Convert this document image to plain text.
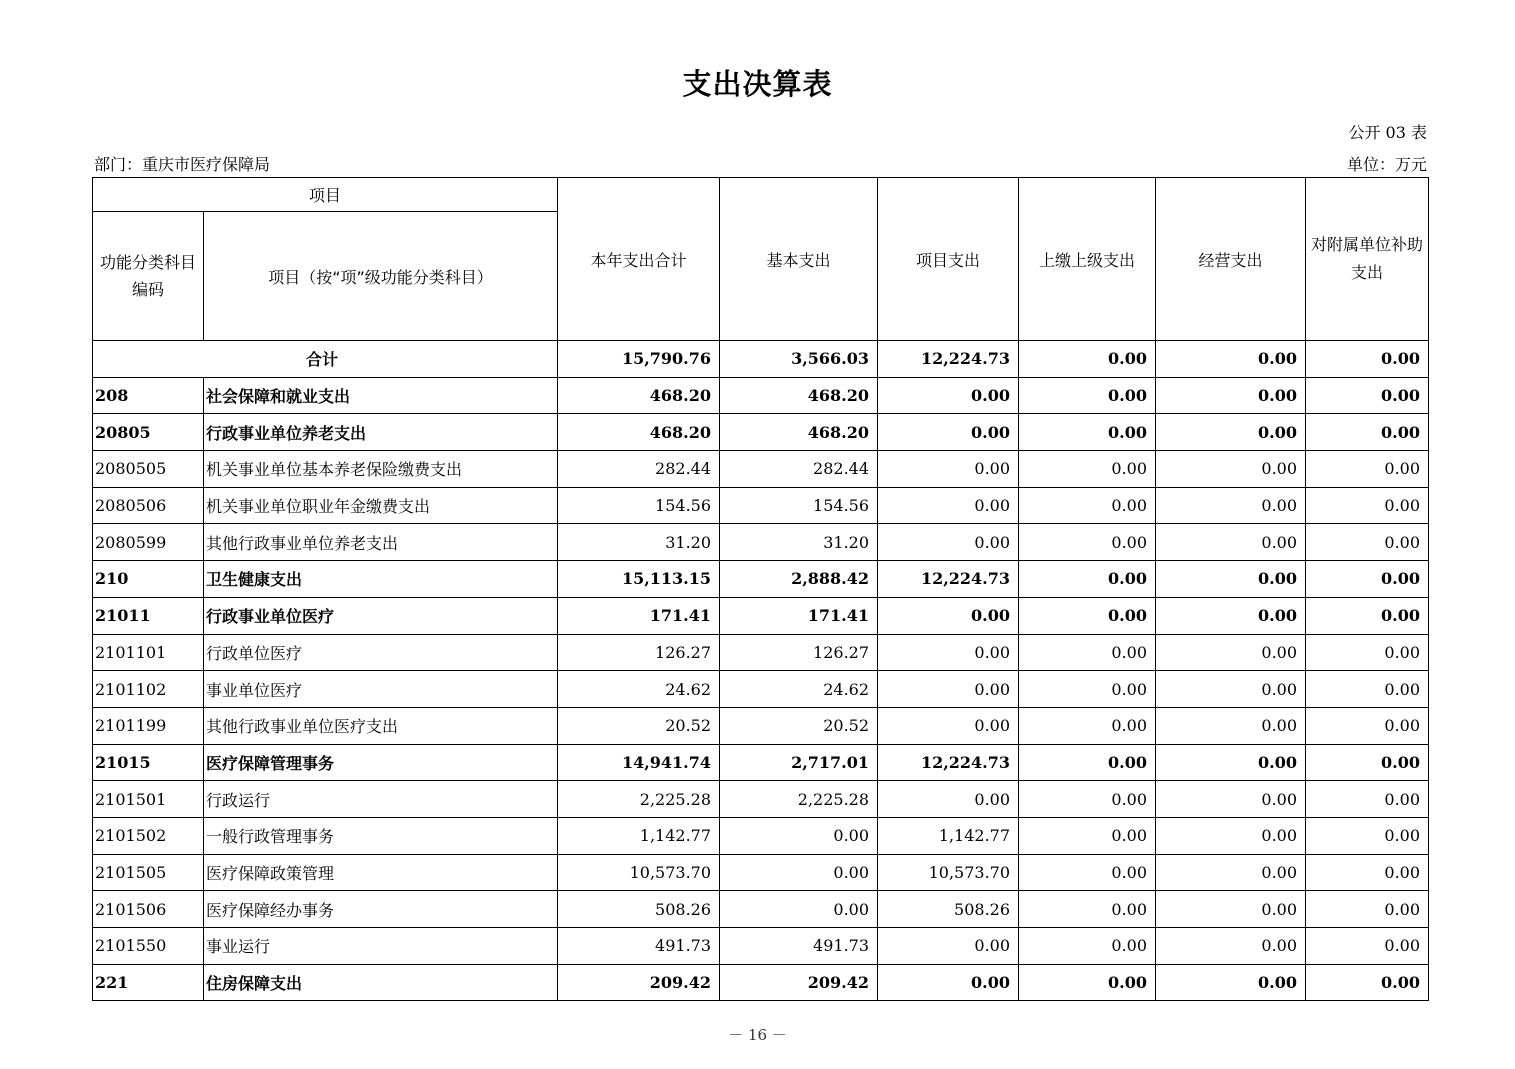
支出决算表
公开 03 表
部门：重庆市医疗保障局	单位：万元
项目		本年支出合计	基本支出	项目支出	上缴上级支出	经营支出	对附属单位补助支出
功能分类科目编码	项目（按“项”级功能分类科目）						
合计		15,790.76	3,566.03	12,224.73	0.00	0.00	0.00
208	社会保障和就业支出	468.20	468.20	0.00	0.00	0.00	0.00
20805	行政事业单位养老支出	468.20	468.20	0.00	0.00	0.00	0.00
2080505	机关事业单位基本养老保险缴费支出	282.44	282.44	0.00	0.00	0.00	0.00
2080506	机关事业单位职业年金缴费支出	154.56	154.56	0.00	0.00	0.00	0.00
2080599	其他行政事业单位养老支出	31.20	31.20	0.00	0.00	0.00	0.00
210	卫生健康支出	15,113.15	2,888.42	12,224.73	0.00	0.00	0.00
21011	行政事业单位医疗	171.41	171.41	0.00	0.00	0.00	0.00
2101101	行政单位医疗	126.27	126.27	0.00	0.00	0.00	0.00
2101102	事业单位医疗	24.62	24.62	0.00	0.00	0.00	0.00
2101199	其他行政事业单位医疗支出	20.52	20.52	0.00	0.00	0.00	0.00
21015	医疗保障管理事务	14,941.74	2,717.01	12,224.73	0.00	0.00	0.00
2101501	行政运行	2,225.28	2,225.28	0.00	0.00	0.00	0.00
2101502	一般行政管理事务	1,142.77	0.00	1,142.77	0.00	0.00	0.00
2101505	医疗保障政策管理	10,573.70	0.00	10,573.70	0.00	0.00	0.00
2101506	医疗保障经办事务	508.26	0.00	508.26	0.00	0.00	0.00
2101550	事业运行	491.73	491.73	0.00	0.00	0.00	0.00
221	住房保障支出	209.42	209.42	0.00	0.00	0.00	0.00
－ 16 －
